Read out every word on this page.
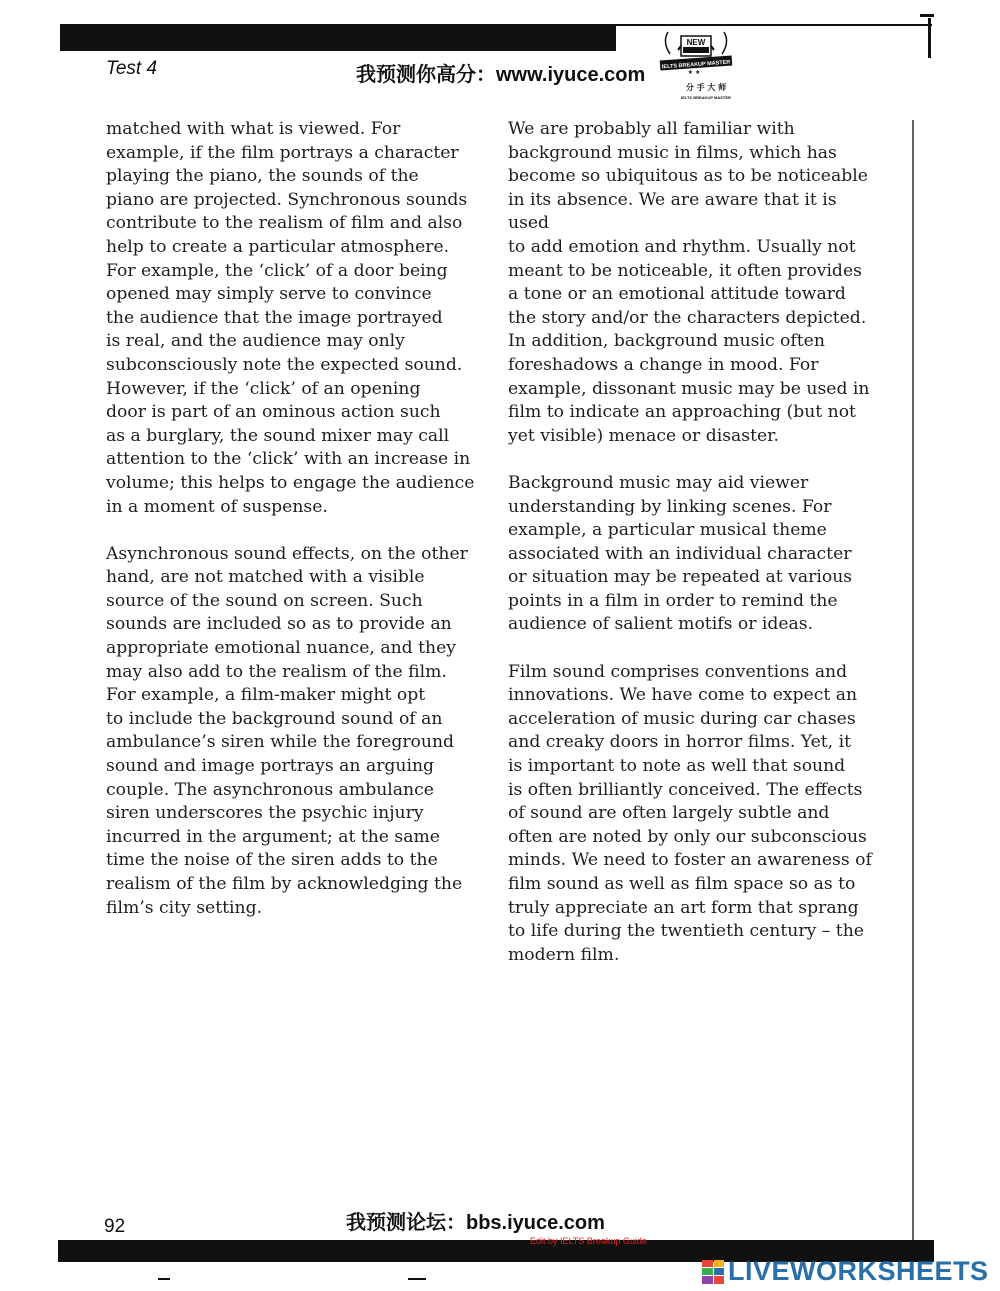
Test 4	我预测你高分：www.iyuce.com
NEW
IELTS BREAKUP MASTER
★ ★
分 手 大 师
IELTS BREAKUP MASTER

matched with what is viewed. For
example, if the film portrays a character
playing the piano, the sounds of the
piano are projected. Synchronous sounds
contribute to the realism of film and also
help to create a particular atmosphere.
For example, the ‘click’ of a door being
opened may simply serve to convince
the audience that the image portrayed
is real, and the audience may only
subconsciously note the expected sound.
However, if the ‘click’ of an opening
door is part of an ominous action such
as a burglary, the sound mixer may call
attention to the ‘click’ with an increase in
volume; this helps to engage the audience
in a moment of suspense.

Asynchronous sound effects, on the other
hand, are not matched with a visible
source of the sound on screen. Such
sounds are included so as to provide an
appropriate emotional nuance, and they
may also add to the realism of the film.
For example, a film-maker might opt
to include the background sound of an
ambulance’s siren while the foreground
sound and image portrays an arguing
couple. The asynchronous ambulance
siren underscores the psychic injury
incurred in the argument; at the same
time the noise of the siren adds to the
realism of the film by acknowledging the
film’s city setting.

We are probably all familiar with
background music in films, which has
become so ubiquitous as to be noticeable
in its absence. We are aware that it is used
to add emotion and rhythm. Usually not
meant to be noticeable, it often provides
a tone or an emotional attitude toward
the story and/or the characters depicted.
In addition, background music often
foreshadows a change in mood. For
example, dissonant music may be used in
film to indicate an approaching (but not
yet visible) menace or disaster.

Background music may aid viewer
understanding by linking scenes. For
example, a particular musical theme
associated with an individual character
or situation may be repeated at various
points in a film in order to remind the
audience of salient motifs or ideas.

Film sound comprises conventions and
innovations. We have come to expect an
acceleration of music during car chases
and creaky doors in horror films. Yet, it
is important to note as well that sound
is often brilliantly conceived. The effects
of sound are often largely subtle and
often are noted by only our subconscious
minds. We need to foster an awareness of
film sound as well as film space so as to
truly appreciate an art form that sprang
to life during the twentieth century – the
modern film.

92	我预测论坛：bbs.iyuce.com
Edit by IELTS Breakup Guide
LIVEWORKSHEETS
